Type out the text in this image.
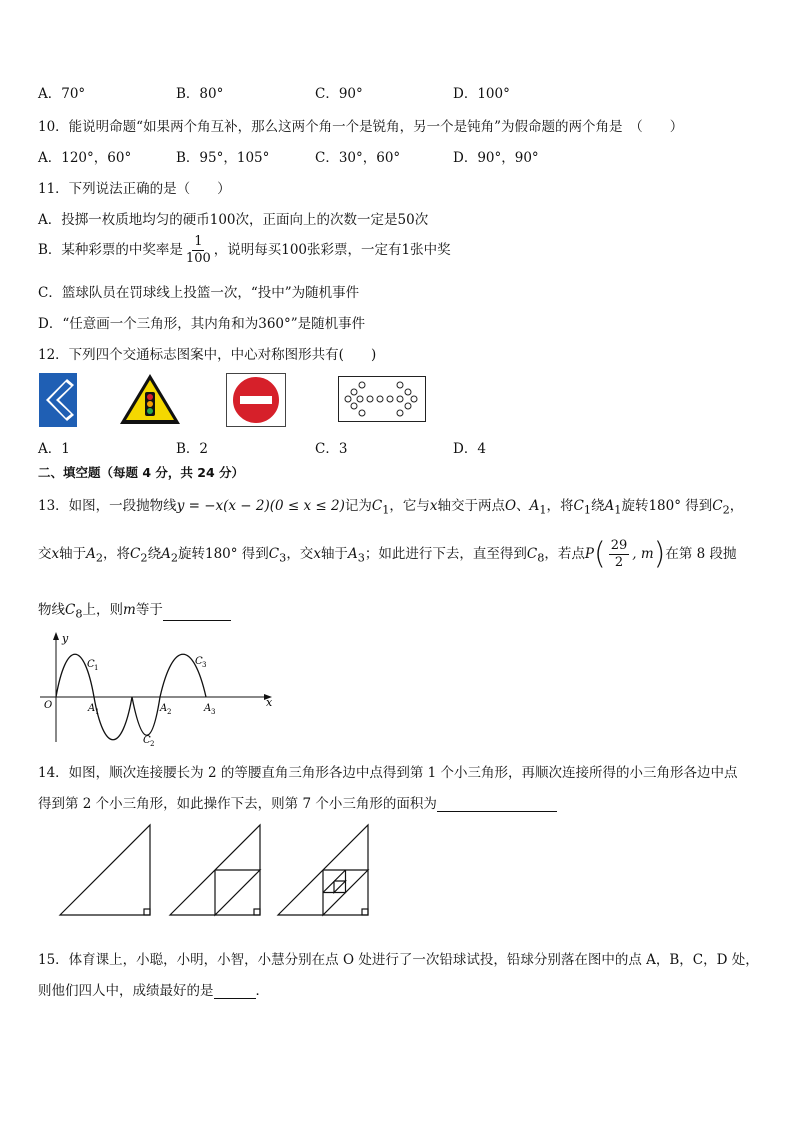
A．70°	B．80°	C．90°	D．100°
10．能说明命题“如果两个角互补，那么这两个角一个是锐角，另一个是钝角”为假命题的两个角是　（　　）
A．120°，60°	B．95°，105°	C．30°，60°	D．90°，90°
11．下列说法正确的是（　　）
A．投掷一枚质地均匀的硬币100次，正面向上的次数一定是50次
B．某种彩票的中奖率是 $\frac{1}{100}$ ，说明每买100张彩票，一定有1张中奖
C．篮球队员在罚球线上投篮一次，“投中”为随机事件
D．“任意画一个三角形，其内角和为360°”是随机事件
12．下列四个交通标志图案中，中心对称图形共有(　　)
A．1	B．2	C．3	D．4
二、填空题（每题 4 分，共 24 分）
13．如图，一段抛物线y = −x(x − 2)(0 ≤ x ≤ 2)记为$C_1$，它与x轴交于两点O、$A_1$，将$C_1$绕$A_1$旋转180° 得到$C_2$，
交x轴于$A_2$，将$C_2$绕$A_2$旋转180° 得到$C_3$，交x轴于$A_3$；如此进行下去，直至得到$C_8$，若点$P( \frac{29}{2}$ , m)在第 8 段抛
物线$C_8$上，则m等于
y
x
O
C 1
C 2
C 3
A 1	A 2	A 3
14．如图，顺次连接腰长为 2 的等腰直角三角形各边中点得到第 1 个小三角形，再顺次连接所得的小三角形各边中点
得到第 2 个小三角形，如此操作下去，则第 7 个小三角形的面积为
15．体育课上，小聪，小明，小智，小慧分别在点 O 处进行了一次铅球试投，铅球分别落在图中的点 A，B，C，D 处，
则他们四人中，成绩最好的是	．
